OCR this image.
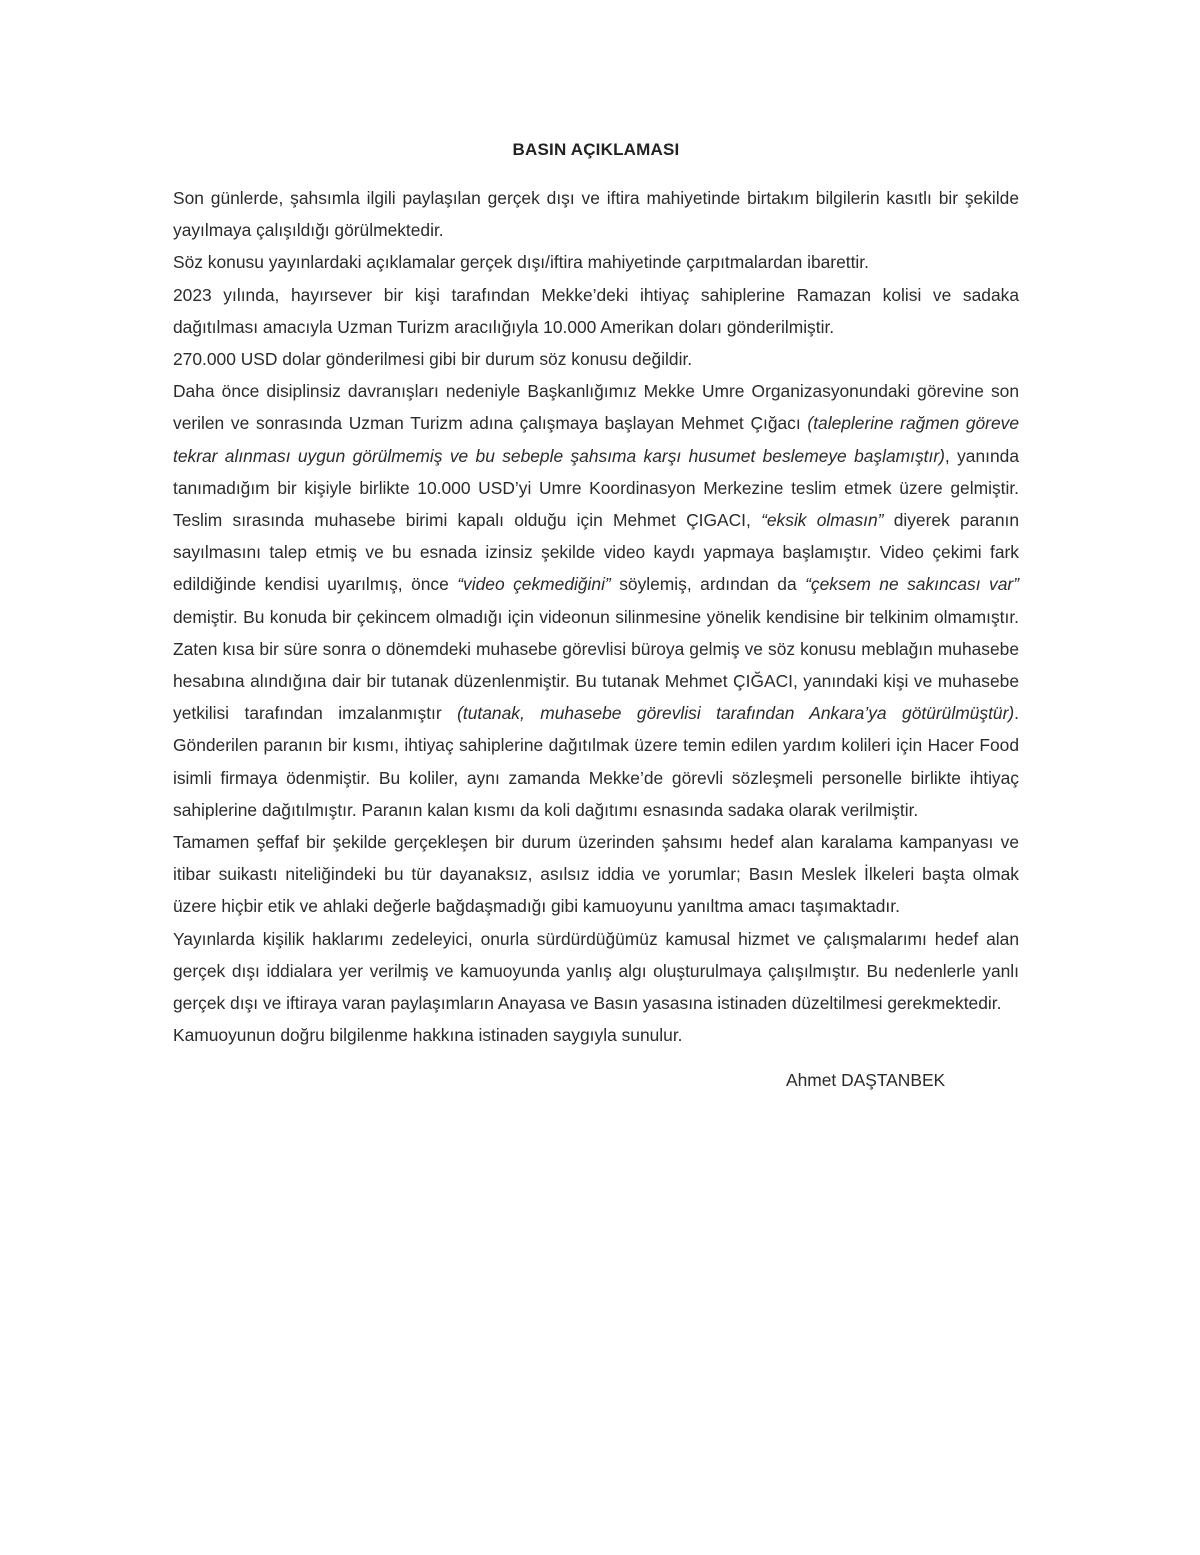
BASIN AÇIKLAMASI

Son günlerde, şahsımla ilgili paylaşılan gerçek dışı ve iftira mahiyetinde birtakım bilgilerin kasıtlı bir şekilde yayılmaya çalışıldığı görülmektedir.

Söz konusu yayınlardaki açıklamalar gerçek dışı/iftira mahiyetinde çarpıtmalardan ibarettir.

2023 yılında, hayırsever bir kişi tarafından Mekke’deki ihtiyaç sahiplerine Ramazan kolisi ve sadaka dağıtılması amacıyla Uzman Turizm aracılığıyla 10.000 Amerikan doları gönderilmiştir.

270.000 USD dolar gönderilmesi gibi bir durum söz konusu değildir.

Daha önce disiplinsiz davranışları nedeniyle Başkanlığımız Mekke Umre Organizasyonundaki görevine son verilen ve sonrasında Uzman Turizm adına çalışmaya başlayan Mehmet Çığacı (taleplerine rağmen göreve tekrar alınması uygun görülmemiş ve bu sebeple şahsıma karşı husumet beslemeye başlamıştır), yanında tanımadığım bir kişiyle birlikte 10.000 USD’yi Umre Koordinasyon Merkezine teslim etmek üzere gelmiştir. Teslim sırasında muhasebe birimi kapalı olduğu için Mehmet ÇIGACI, “eksik olmasın” diyerek paranın sayılmasını talep etmiş ve bu esnada izinsiz şekilde video kaydı yapmaya başlamıştır. Video çekimi fark edildiğinde kendisi uyarılmış, önce “video çekmediğini” söylemiş, ardından da “çeksem ne sakıncası var” demiştir. Bu konuda bir çekincem olmadığı için videonun silinmesine yönelik kendisine bir telkinim olmamıştır. Zaten kısa bir süre sonra o dönemdeki muhasebe görevlisi büroya gelmiş ve söz konusu meblağın muhasebe hesabına alındığına dair bir tutanak düzenlenmiştir. Bu tutanak Mehmet ÇIĞACI, yanındaki kişi ve muhasebe yetkilisi tarafından imzalanmıştır (tutanak, muhasebe görevlisi tarafından Ankara’ya götürülmüştür). Gönderilen paranın bir kısmı, ihtiyaç sahiplerine dağıtılmak üzere temin edilen yardım kolileri için Hacer Food isimli firmaya ödenmiştir. Bu koliler, aynı zamanda Mekke’de görevli sözleşmeli personelle birlikte ihtiyaç sahiplerine dağıtılmıştır. Paranın kalan kısmı da koli dağıtımı esnasında sadaka olarak verilmiştir.

Tamamen şeffaf bir şekilde gerçekleşen bir durum üzerinden şahsımı hedef alan karalama kampanyası ve itibar suikastı niteliğindeki bu tür dayanaksız, asılsız iddia ve yorumlar; Basın Meslek İlkeleri başta olmak üzere hiçbir etik ve ahlaki değerle bağdaşmadığı gibi kamuoyunu yanıltma amacı taşımaktadır.

Yayınlarda kişilik haklarımı zedeleyici, onurla sürdürdüğümüz kamusal hizmet ve çalışmalarımı hedef alan gerçek dışı iddialara yer verilmiş ve kamuoyunda yanlış algı oluşturulmaya çalışılmıştır. Bu nedenlerle yanlı gerçek dışı ve iftiraya varan paylaşımların Anayasa ve Basın yasasına istinaden düzeltilmesi gerekmektedir.

Kamuoyunun doğru bilgilenme hakkına istinaden saygıyla sunulur.

Ahmet DAŞTANBEK
